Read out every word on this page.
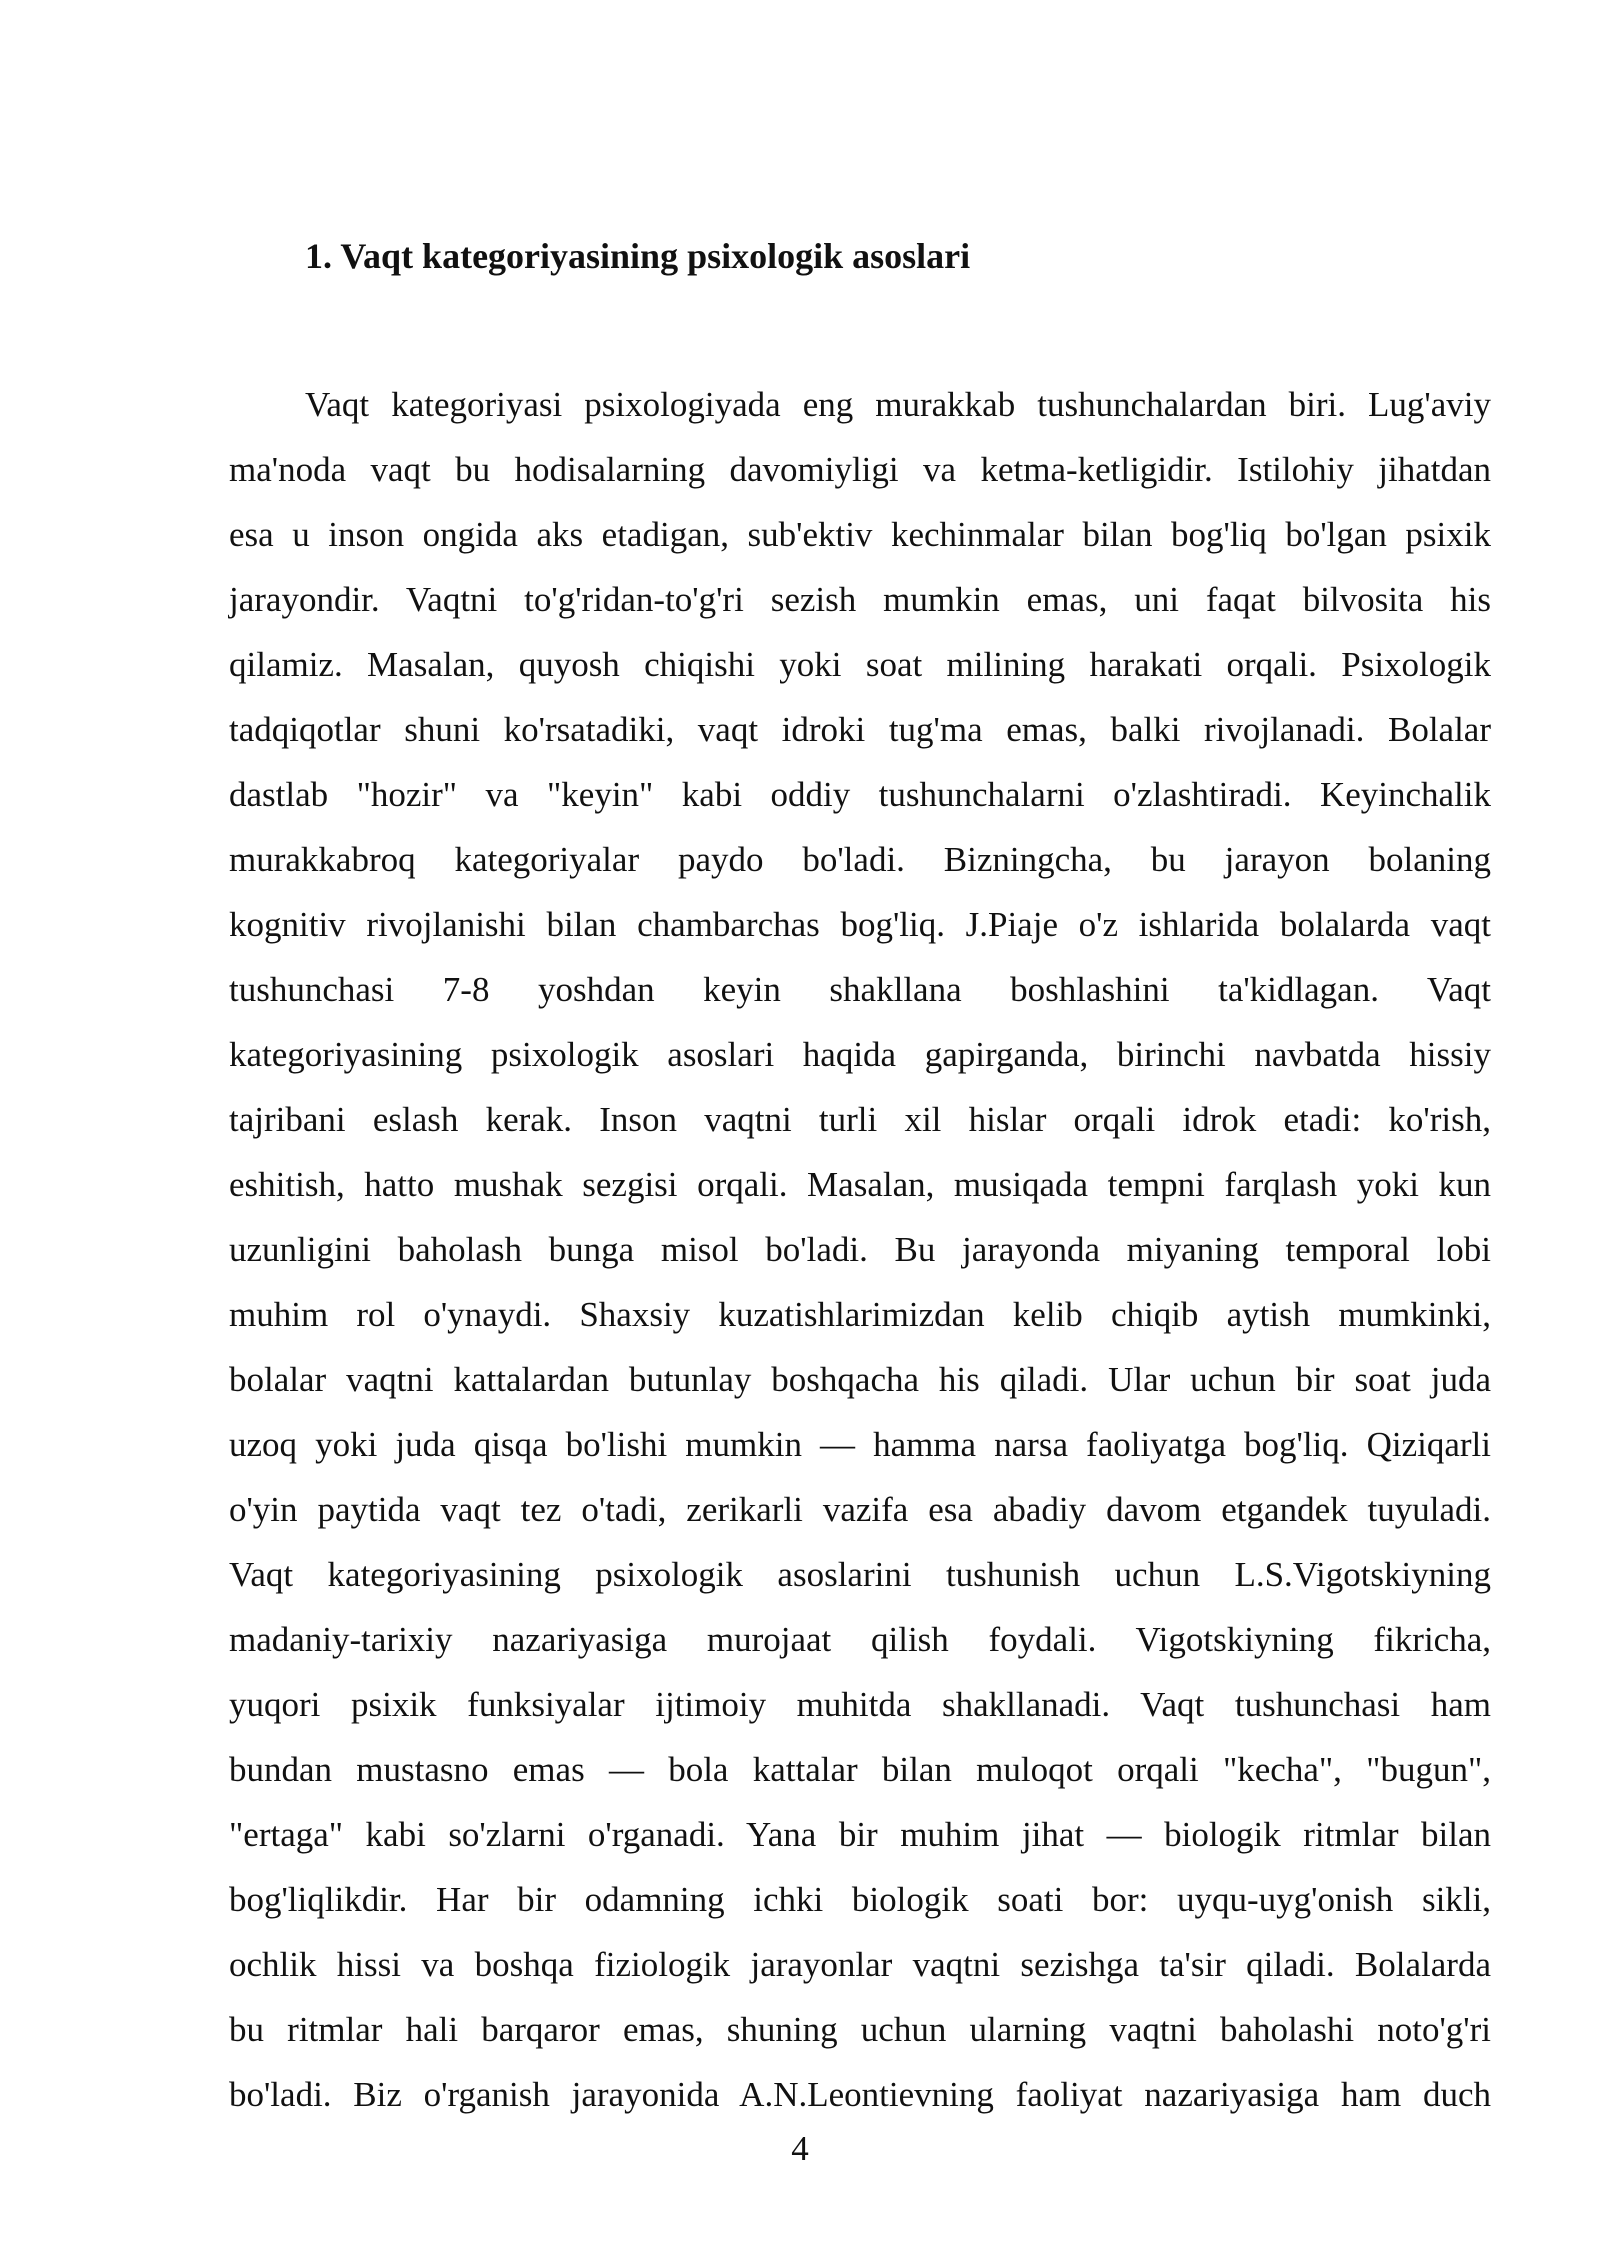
1. Vaqt kategoriyasining psixologik asoslari
Vaqt kategoriyasi psixologiyada eng murakkab tushunchalardan biri. Lug'aviy
ma'noda vaqt bu hodisalarning davomiyligi va ketma-ketligidir. Istilohiy jihatdan
esa u inson ongida aks etadigan, sub'ektiv kechinmalar bilan bog'liq bo'lgan psixik
jarayondir. Vaqtni to'g'ridan-to'g'ri sezish mumkin emas, uni faqat bilvosita his
qilamiz. Masalan, quyosh chiqishi yoki soat milining harakati orqali. Psixologik
tadqiqotlar shuni ko'rsatadiki, vaqt idroki tug'ma emas, balki rivojlanadi. Bolalar
dastlab "hozir" va "keyin" kabi oddiy tushunchalarni o'zlashtiradi. Keyinchalik
murakkabroq kategoriyalar paydo bo'ladi. Bizningcha, bu jarayon bolaning
kognitiv rivojlanishi bilan chambarchas bog'liq. J.Piaje o'z ishlarida bolalarda vaqt
tushunchasi 7-8 yoshdan keyin shakllana boshlashini ta'kidlagan. Vaqt
kategoriyasining psixologik asoslari haqida gapirganda, birinchi navbatda hissiy
tajribani eslash kerak. Inson vaqtni turli xil hislar orqali idrok etadi: ko'rish,
eshitish, hatto mushak sezgisi orqali. Masalan, musiqada tempni farqlash yoki kun
uzunligini baholash bunga misol bo'ladi. Bu jarayonda miyaning temporal lobi
muhim rol o'ynaydi. Shaxsiy kuzatishlarimizdan kelib chiqib aytish mumkinki,
bolalar vaqtni kattalardan butunlay boshqacha his qiladi. Ular uchun bir soat juda
uzoq yoki juda qisqa bo'lishi mumkin — hamma narsa faoliyatga bog'liq. Qiziqarli
o'yin paytida vaqt tez o'tadi, zerikarli vazifa esa abadiy davom etgandek tuyuladi.
Vaqt kategoriyasining psixologik asoslarini tushunish uchun L.S.Vigotskiyning
madaniy-tarixiy nazariyasiga murojaat qilish foydali. Vigotskiyning fikricha,
yuqori psixik funksiyalar ijtimoiy muhitda shakllanadi. Vaqt tushunchasi ham
bundan mustasno emas — bola kattalar bilan muloqot orqali "kecha", "bugun",
"ertaga" kabi so'zlarni o'rganadi. Yana bir muhim jihat — biologik ritmlar bilan
bog'liqlikdir. Har bir odamning ichki biologik soati bor: uyqu-uyg'onish sikli,
ochlik hissi va boshqa fiziologik jarayonlar vaqtni sezishga ta'sir qiladi. Bolalarda
bu ritmlar hali barqaror emas, shuning uchun ularning vaqtni baholashi noto'g'ri
bo'ladi. Biz o'rganish jarayonida A.N.Leontievning faoliyat nazariyasiga ham duch
4
